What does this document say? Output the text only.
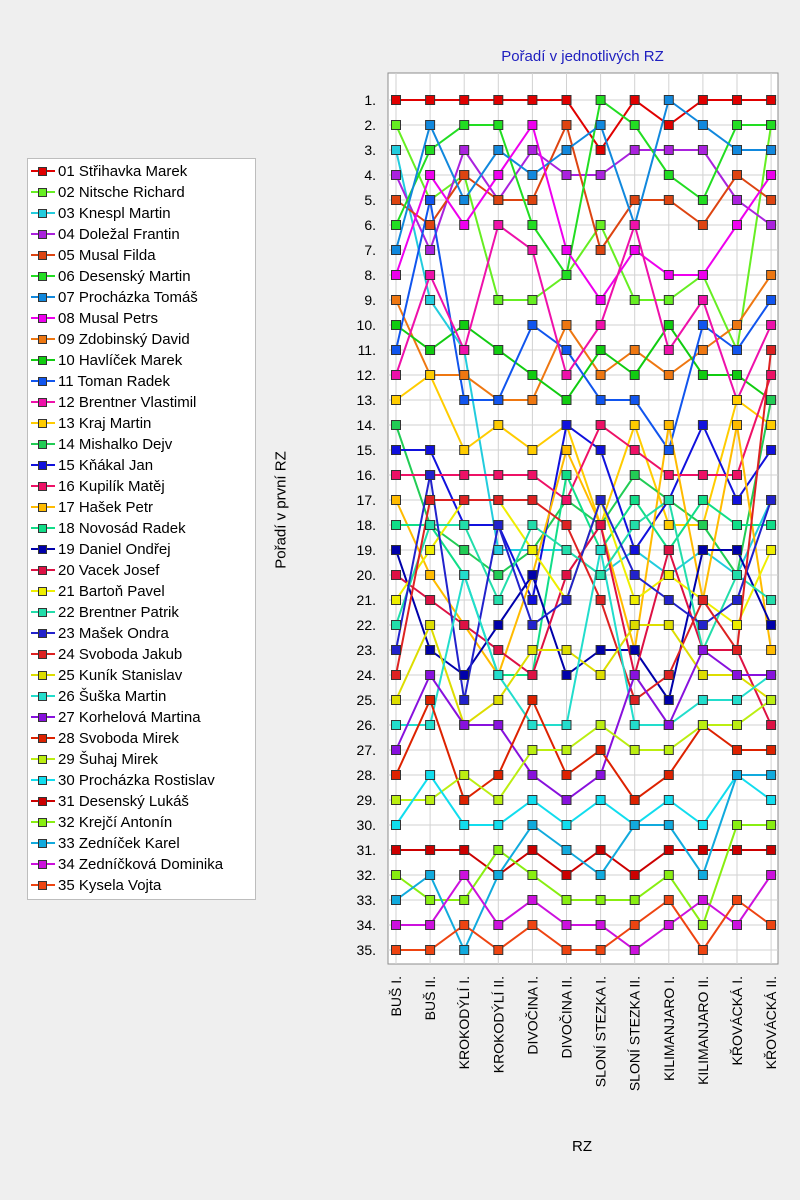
01 Střihavka Marek
02 Nitsche Richard
03 Knespl Martin
04 Doležal Frantin
05 Musal Filda
06 Desenský Martin
07 Procházka Tomáš
08 Musal Petrs
09 Zdobinský David
10 Havlíček Marek
11 Toman Radek
12 Brentner Vlastimil
13 Kraj Martin
14 Mishalko Dejv
15 Kňákal Jan
16 Kupilík Matěj
17 Hašek Petr
18 Novosád Radek
19 Daniel Ondřej
20 Vacek Josef
21 Bartoň Pavel
22 Brentner Patrik
23 Mašek Ondra
24 Svoboda Jakub
25 Kuník Stanislav
26 Šuška Martin
27 Korhelová Martina
28 Svoboda Mirek
29 Šuhaj Mirek
30 Procházka Rostislav
31 Desenský Lukáš
32 Krejčí Antonín
33 Zedníček Karel
34 Zedníčková Dominika
35 Kysela Vojta
Pořadí v jednotlivých RZ
Pořadí v první RZ
RZ
1.
2.
3.
4.
5.
6.
7.
8.
9.
10.
11.
12.
13.
14.
15.
16.
17.
18.
19.
20.
21.
22.
23.
24.
25.
26.
27.
28.
29.
30.
31.
32.
33.
34.
35.
BUŠ I. BUŠ II. KROKODÝLÍ I. KROKODÝLÍ II. DIVOČINA I. DIVOČINA II. SLONÍ STEZKA I. SLONÍ STEZKA II. KILIMANJARO I. KILIMANJARO II. KŘOVÁCKÁ I. KŘOVÁCKÁ II.
